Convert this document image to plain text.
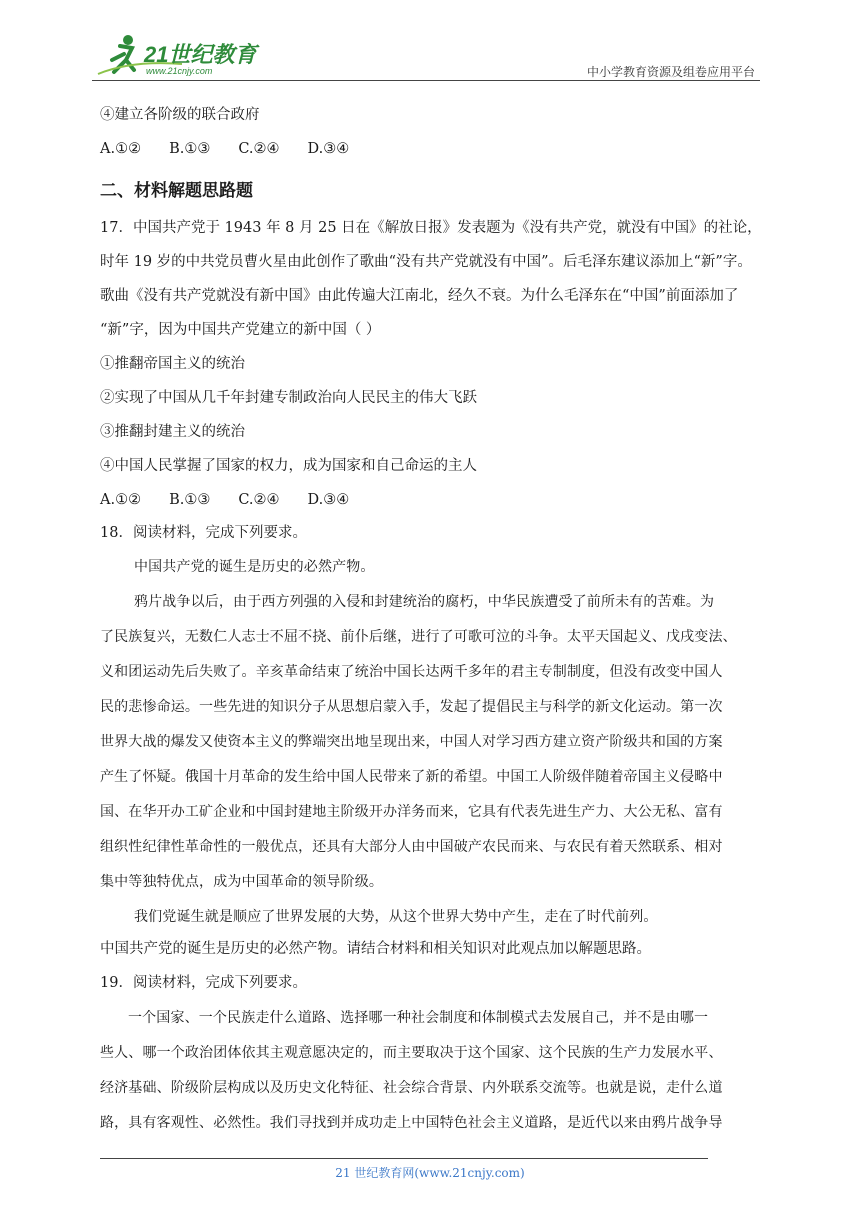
21世纪教育
www.21cnjy.com	中小学教育资源及组卷应用平台
④建立各阶级的联合政府
A.①② B.①③ C.②④ D.③④
二、材料解题思路题
17．中国共产党于 1943 年 8 月 25 日在《解放日报》发表题为《没有共产党，就没有中国》的社论，
时年 19 岁的中共党员曹火星由此创作了歌曲“没有共产党就没有中国”。后毛泽东建议添加上“新”字。
歌曲《没有共产党就没有新中国》由此传遍大江南北，经久不衰。为什么毛泽东在“中国”前面添加了
“新”字，因为中国共产党建立的新中国（ ）
①推翻帝国主义的统治
②实现了中国从几千年封建专制政治向人民民主的伟大飞跃
③推翻封建主义的统治
④中国人民掌握了国家的权力，成为国家和自己命运的主人
A.①② B.①③ C.②④ D.③④
18．阅读材料，完成下列要求。
中国共产党的诞生是历史的必然产物。
鸦片战争以后，由于西方列强的入侵和封建统治的腐朽，中华民族遭受了前所未有的苦难。为
了民族复兴，无数仁人志士不屈不挠、前仆后继，进行了可歌可泣的斗争。太平天国起义、戊戌变法、
义和团运动先后失败了。辛亥革命结束了统治中国长达两千多年的君主专制制度，但没有改变中国人
民的悲惨命运。一些先进的知识分子从思想启蒙入手，发起了提倡民主与科学的新文化运动。第一次
世界大战的爆发又使资本主义的弊端突出地呈现出来，中国人对学习西方建立资产阶级共和国的方案
产生了怀疑。俄国十月革命的发生给中国人民带来了新的希望。中国工人阶级伴随着帝国主义侵略中
国、在华开办工矿企业和中国封建地主阶级开办洋务而来，它具有代表先进生产力、大公无私、富有
组织性纪律性革命性的一般优点，还具有大部分人由中国破产农民而来、与农民有着天然联系、相对
集中等独特优点，成为中国革命的领导阶级。
我们党诞生就是顺应了世界发展的大势，从这个世界大势中产生，走在了时代前列。
中国共产党的诞生是历史的必然产物。请结合材料和相关知识对此观点加以解题思路。
19．阅读材料，完成下列要求。
一个国家、一个民族走什么道路、选择哪一种社会制度和体制模式去发展自己，并不是由哪一
些人、哪一个政治团体依其主观意愿决定的，而主要取决于这个国家、这个民族的生产力发展水平、
经济基础、阶级阶层构成以及历史文化特征、社会综合背景、内外联系交流等。也就是说，走什么道
路，具有客观性、必然性。我们寻找到并成功走上中国特色社会主义道路，是近代以来由鸦片战争导
21 世纪教育网(www.21cnjy.com)
